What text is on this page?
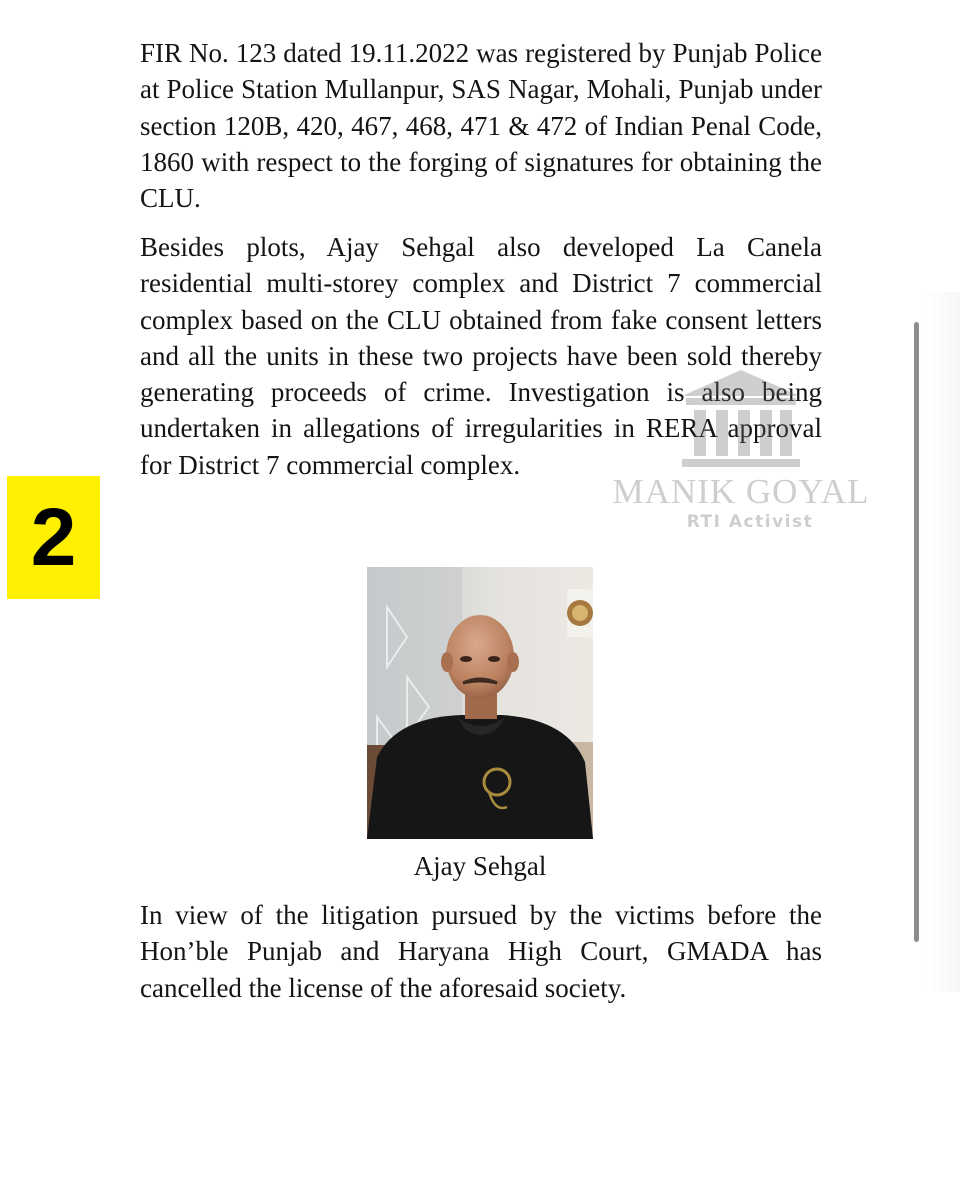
FIR No. 123 dated 19.11.2022 was registered by Punjab Police at Police Station Mullanpur, SAS Nagar, Mohali, Punjab under section 120B, 420, 467, 468, 471 & 472 of Indian Penal Code, 1860 with respect to the forging of signatures for obtaining the CLU.

Besides plots, Ajay Sehgal also developed La Canela residential multi-storey complex and District 7 commercial complex based on the CLU obtained from fake consent letters and all the units in these two projects have been sold thereby generating proceeds of crime. Investigation is also being undertaken in allegations of irregularities in RERA approval for District 7 commercial complex.

2	MANIK GOYAL
RTI Activist
Ajay Sehgal

In view of the litigation pursued by the victims before the Hon’ble Punjab and Haryana High Court, GMADA has cancelled the license of the aforesaid society.
